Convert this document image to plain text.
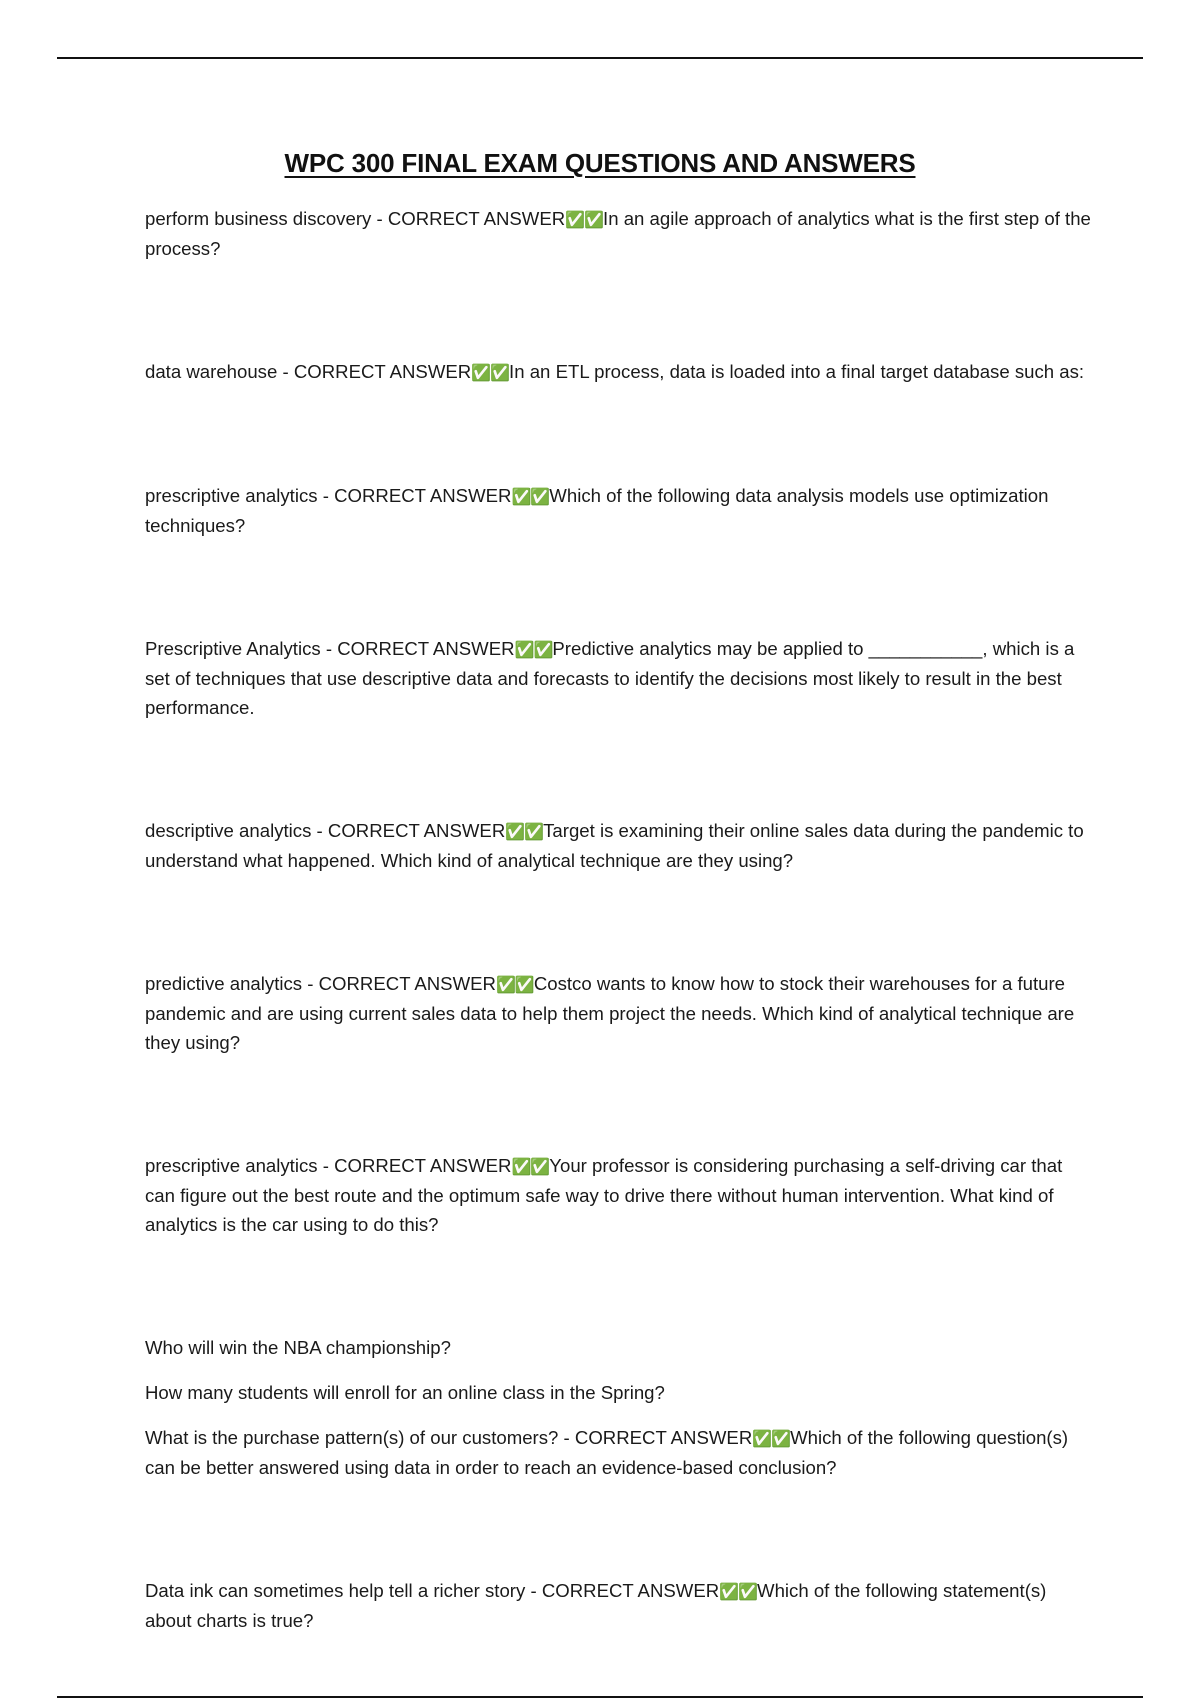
WPC 300 FINAL EXAM QUESTIONS AND ANSWERS

perform business discovery - CORRECT ANSWER✅✅In an agile approach of analytics what is the first step of the process?

data warehouse - CORRECT ANSWER✅✅In an ETL process, data is loaded into a final target database such as:

prescriptive analytics - CORRECT ANSWER✅✅Which of the following data analysis models use optimization techniques?

Prescriptive Analytics - CORRECT ANSWER✅✅Predictive analytics may be applied to ___________, which is a set of techniques that use descriptive data and forecasts to identify the decisions most likely to result in the best performance.

descriptive analytics - CORRECT ANSWER✅✅Target is examining their online sales data during the pandemic to understand what happened. Which kind of analytical technique are they using?

predictive analytics - CORRECT ANSWER✅✅Costco wants to know how to stock their warehouses for a future pandemic and are using current sales data to help them project the needs. Which kind of analytical technique are they using?

prescriptive analytics - CORRECT ANSWER✅✅Your professor is considering purchasing a self-driving car that can figure out the best route and the optimum safe way to drive there without human intervention. What kind of analytics is the car using to do this?

Who will win the NBA championship?

How many students will enroll for an online class in the Spring?

What is the purchase pattern(s) of our customers? - CORRECT ANSWER✅✅Which of the following question(s) can be better answered using data in order to reach an evidence-based conclusion?

Data ink can sometimes help tell a richer story - CORRECT ANSWER✅✅Which of the following statement(s) about charts is true?
